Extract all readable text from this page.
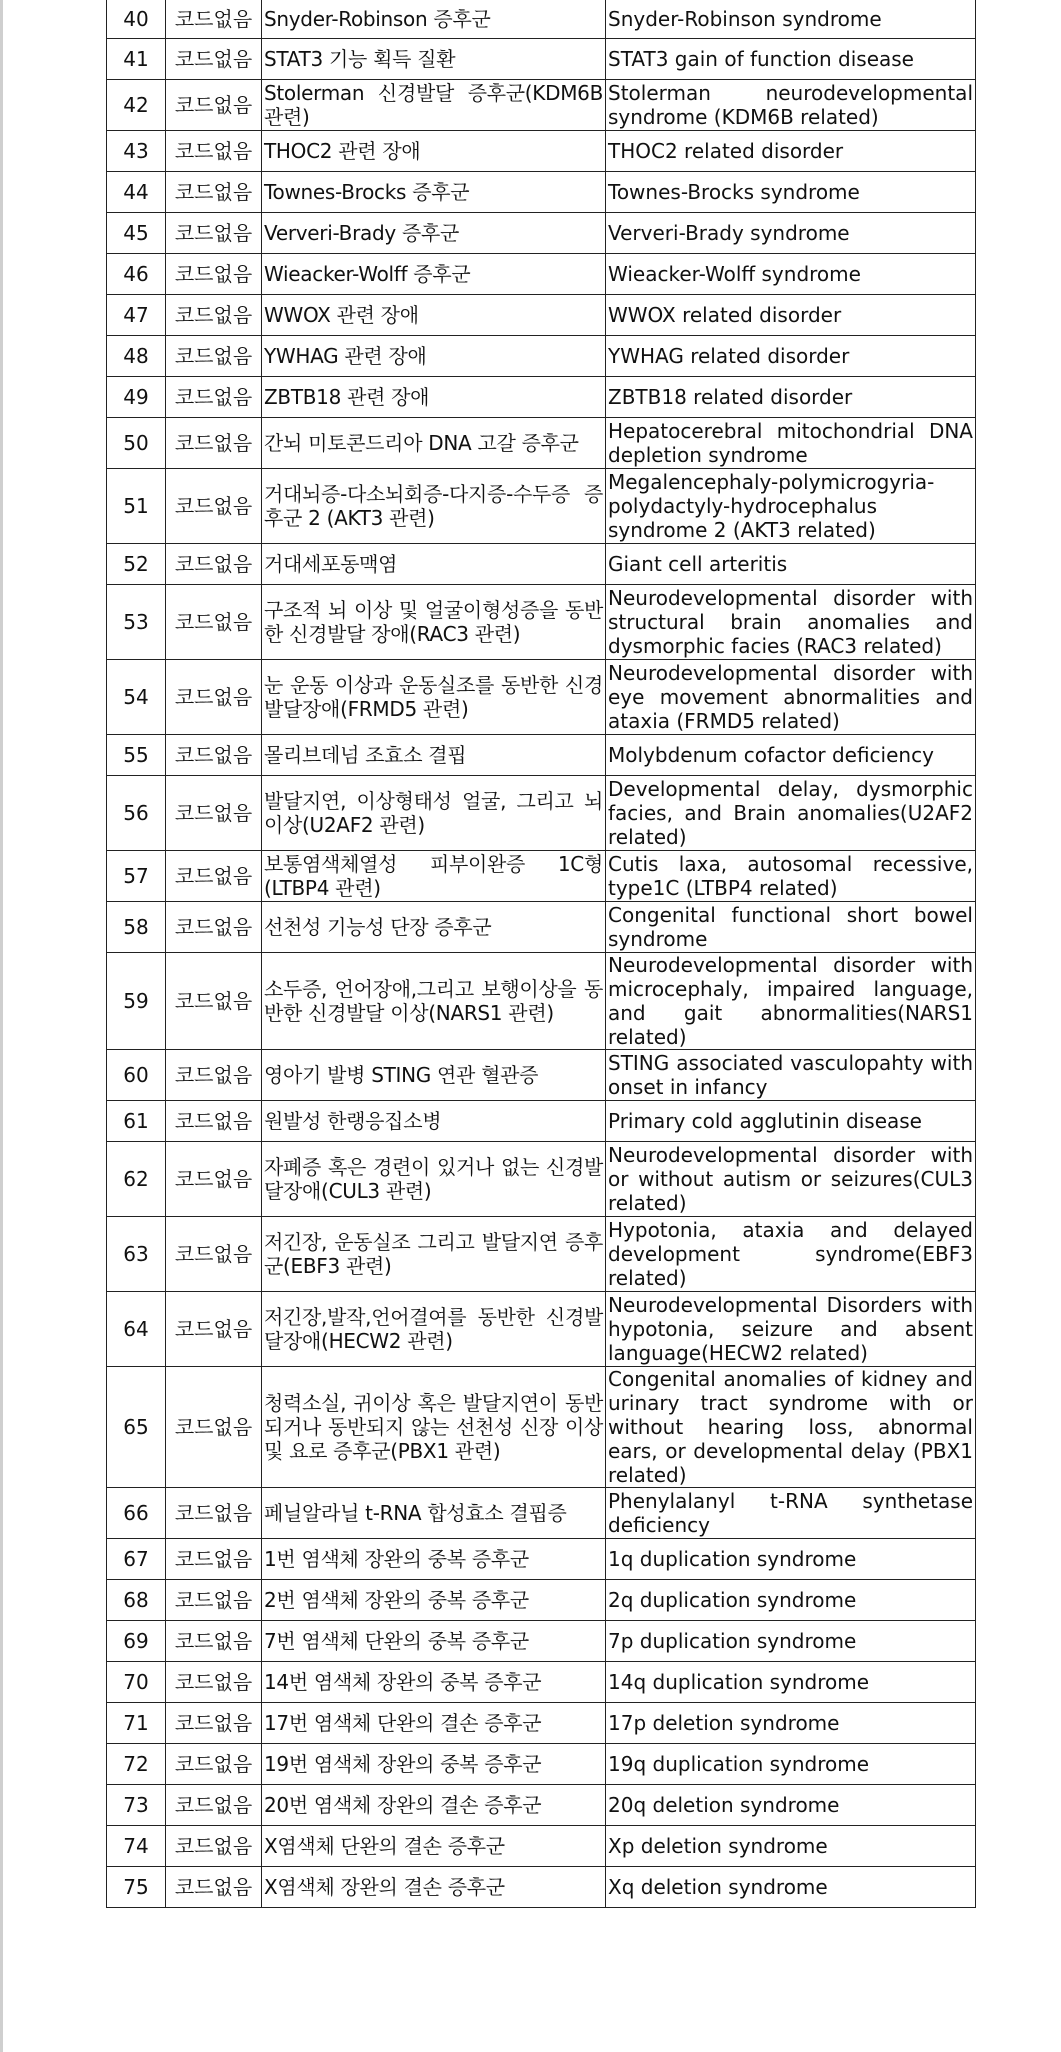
40	코드없음	Snyder-Robinson 증후군	Snyder-Robinson syndrome
41	코드없음	STAT3 기능 획득 질환	STAT3 gain of function disease
42	코드없음	Stolerman 신경발달 증후군(KDM6B 관련)	Stolerman neurodevelopmental syndrome (KDM6B related)
43	코드없음	THOC2 관련 장애	THOC2 related disorder
44	코드없음	Townes-Brocks 증후군	Townes-Brocks syndrome
45	코드없음	Ververi-Brady 증후군	Ververi-Brady syndrome
46	코드없음	Wieacker-Wolff 증후군	Wieacker-Wolff syndrome
47	코드없음	WWOX 관련 장애	WWOX related disorder
48	코드없음	YWHAG 관련 장애	YWHAG related disorder
49	코드없음	ZBTB18 관련 장애	ZBTB18 related disorder
50	코드없음	간뇌 미토콘드리아 DNA 고갈 증후군	Hepatocerebral mitochondrial DNA depletion syndrome
51	코드없음	거대뇌증-다소뇌회증-다지증-수두증 증후군 2 (AKT3 관련)	Megalencephaly-polymicrogyria-polydactyly-hydrocephalus syndrome 2 (AKT3 related)
52	코드없음	거대세포동맥염	Giant cell arteritis
53	코드없음	구조적 뇌 이상 및 얼굴이형성증을 동반한 신경발달 장애(RAC3 관련)	Neurodevelopmental disorder with structural brain anomalies and dysmorphic facies (RAC3 related)
54	코드없음	눈 운동 이상과 운동실조를 동반한 신경발달장애(FRMD5 관련)	Neurodevelopmental disorder with eye movement abnormalities and ataxia (FRMD5 related)
55	코드없음	몰리브데넘 조효소 결핍	Molybdenum cofactor deficiency
56	코드없음	발달지연, 이상형태성 얼굴, 그리고 뇌이상(U2AF2 관련)	Developmental delay, dysmorphic facies, and Brain anomalies(U2AF2 related)
57	코드없음	보통염색체열성 피부이완증 1C형(LTBP4 관련)	Cutis laxa, autosomal recessive, type1C (LTBP4 related)
58	코드없음	선천성 기능성 단장 증후군	Congenital functional short bowel syndrome
59	코드없음	소두증, 언어장애,그리고 보행이상을 동반한 신경발달 이상(NARS1 관련)	Neurodevelopmental disorder with microcephaly, impaired language, and gait abnormalities(NARS1 related)
60	코드없음	영아기 발병 STING 연관 혈관증	STING associated vasculopahty with onset in infancy
61	코드없음	원발성 한랭응집소병	Primary cold agglutinin disease
62	코드없음	자폐증 혹은 경련이 있거나 없는 신경발달장애(CUL3 관련)	Neurodevelopmental disorder with or without autism or seizures(CUL3 related)
63	코드없음	저긴장, 운동실조 그리고 발달지연 증후군(EBF3 관련)	Hypotonia, ataxia and delayed development syndrome(EBF3 related)
64	코드없음	저긴장,발작,언어결여를 동반한 신경발달장애(HECW2 관련)	Neurodevelopmental Disorders with hypotonia, seizure and absent language(HECW2 related)
65	코드없음	청력소실, 귀이상 혹은 발달지연이 동반되거나 동반되지 않는 선천성 신장 이상 및 요로 증후군(PBX1 관련)	Congenital anomalies of kidney and urinary tract syndrome with or without hearing loss, abnormal ears, or developmental delay (PBX1 related)
66	코드없음	페닐알라닐 t-RNA 합성효소 결핍증	Phenylalanyl t-RNA synthetase deficiency
67	코드없음	1번 염색체 장완의 중복 증후군	1q duplication syndrome
68	코드없음	2번 염색체 장완의 중복 증후군	2q duplication syndrome
69	코드없음	7번 염색체 단완의 중복 증후군	7p duplication syndrome
70	코드없음	14번 염색체 장완의 중복 증후군	14q duplication syndrome
71	코드없음	17번 염색체 단완의 결손 증후군	17p deletion syndrome
72	코드없음	19번 염색체 장완의 중복 증후군	19q duplication syndrome
73	코드없음	20번 염색체 장완의 결손 증후군	20q deletion syndrome
74	코드없음	X염색체 단완의 결손 증후군	Xp deletion syndrome
75	코드없음	X염색체 장완의 결손 증후군	Xq deletion syndrome
